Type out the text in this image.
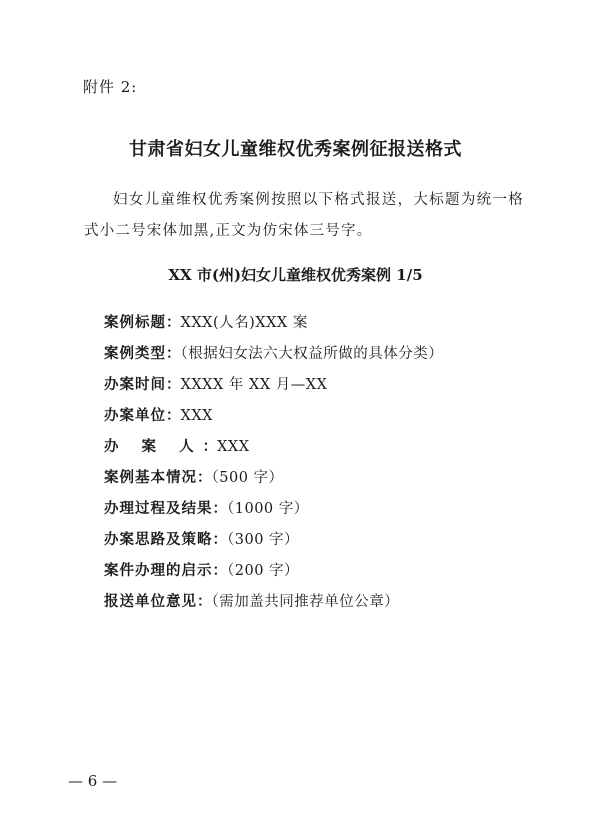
附件 2:
甘肃省妇女儿童维权优秀案例征报送格式

妇女儿童维权优秀案例按照以下格式报送，大标题为统一格式小二号宋体加黑,正文为仿宋体三号字。

XX 市(州)妇女儿童维权优秀案例 1/5
案例标题：XXX(人名)XXX 案
案例类型：（根据妇女法六大权益所做的具体分类）
办案时间：XXXX 年 XX 月—XX
办案单位：XXX
办 案 人：XXX
案例基本情况：（500 字）
办理过程及结果：（1000 字）
办案思路及策略：（300 字）
案件办理的启示：（200 字）
报送单位意见：（需加盖共同推荐单位公章）
— 6 —
